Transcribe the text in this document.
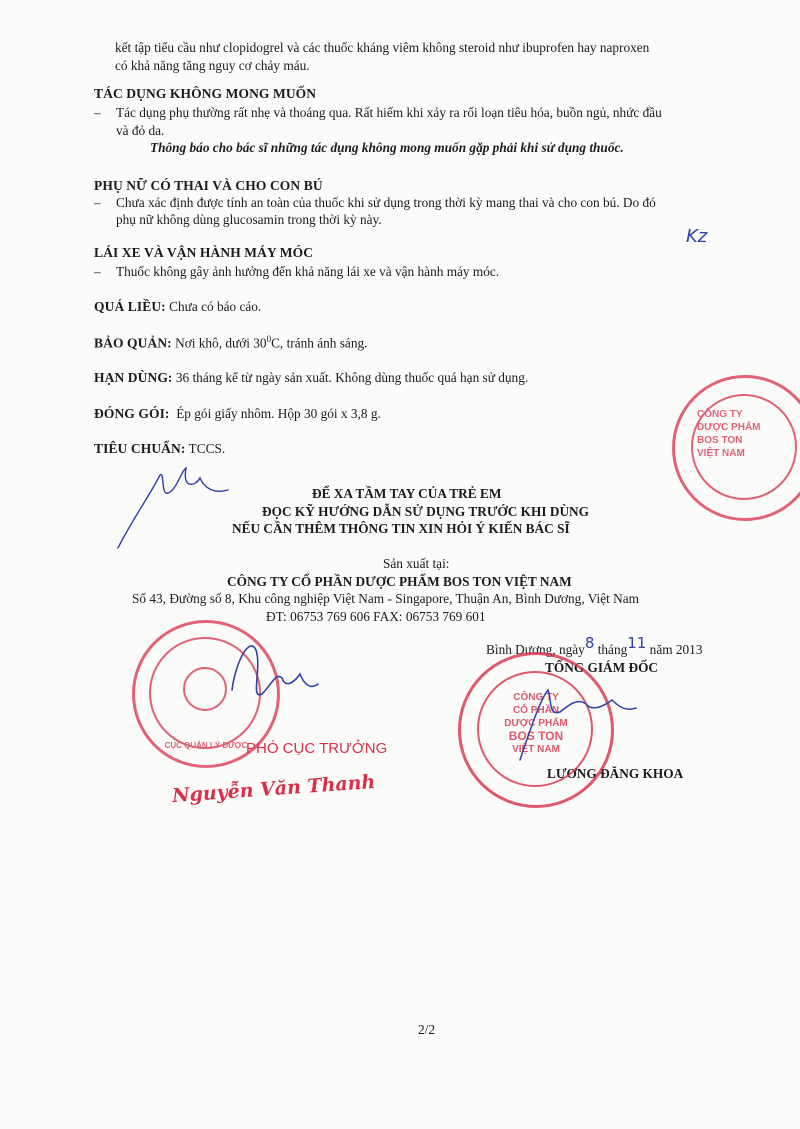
kết tập tiểu cầu như clopidogrel và các thuốc kháng viêm không steroid như ibuprofen hay naproxen
có khả năng tăng nguy cơ chảy máu.
TÁC DỤNG KHÔNG MONG MUỐN
– Tác dụng phụ thường rất nhẹ và thoáng qua. Rất hiếm khi xảy ra rối loạn tiêu hóa, buồn ngủ, nhức đầu
và đỏ da.
Thông báo cho bác sĩ những tác dụng không mong muốn gặp phải khi sử dụng thuốc.
PHỤ NỮ CÓ THAI VÀ CHO CON BÚ
– Chưa xác định được tính an toàn của thuốc khi sử dụng trong thời kỳ mang thai và cho con bú. Do đó
phụ nữ không dùng glucosamin trong thời kỳ này.
LÁI XE VÀ VẬN HÀNH MÁY MÓC
– Thuốc không gây ảnh hưởng đến khả năng lái xe và vận hành máy móc.
QUÁ LIỀU: Chưa có báo cáo.
BẢO QUẢN: Nơi khô, dưới $30^0C$, tránh ánh sáng.
HẠN DÙNG: 36 tháng kể từ ngày sản xuất. Không dùng thuốc quá hạn sử dụng.
ĐÓNG GÓI: Ép gói giấy nhôm. Hộp 30 gói x 3,8 g.
TIÊU CHUẨN: TCCS.
ĐỂ XA TẦM TAY CỦA TRẺ EM
ĐỌC KỸ HƯỚNG DẪN SỬ DỤNG TRƯỚC KHI DÙNG
NẾU CẦN THÊM THÔNG TIN XIN HỎI Ý KIẾN BÁC SĨ
Sản xuất tại:
CÔNG TY CỔ PHẦN DƯỢC PHẨM BOS TON VIỆT NAM
Số 43, Đường số 8, Khu công nghiệp Việt Nam - Singapore, Thuận An, Bình Dương, Việt Nam
ĐT: 06753 769 606 FAX: 06753 769 601
Bình Dương, ngày8 tháng11 năm 2013
TỔNG GIÁM ĐỐC
LƯƠNG ĐĂNG KHOA
CÔNG TY
CỔ PHẦN
DƯỢC PHẨM
BOS TON
VIỆT NAM
CÔNG TY
DƯỢC PHẨM
BOS TON
VIỆT NAM
CỤC QUẢN LÝ DƯỢC
PHÓ CỤC TRƯỞNG
Nguyễn Văn Thanh
Kz
2/2
